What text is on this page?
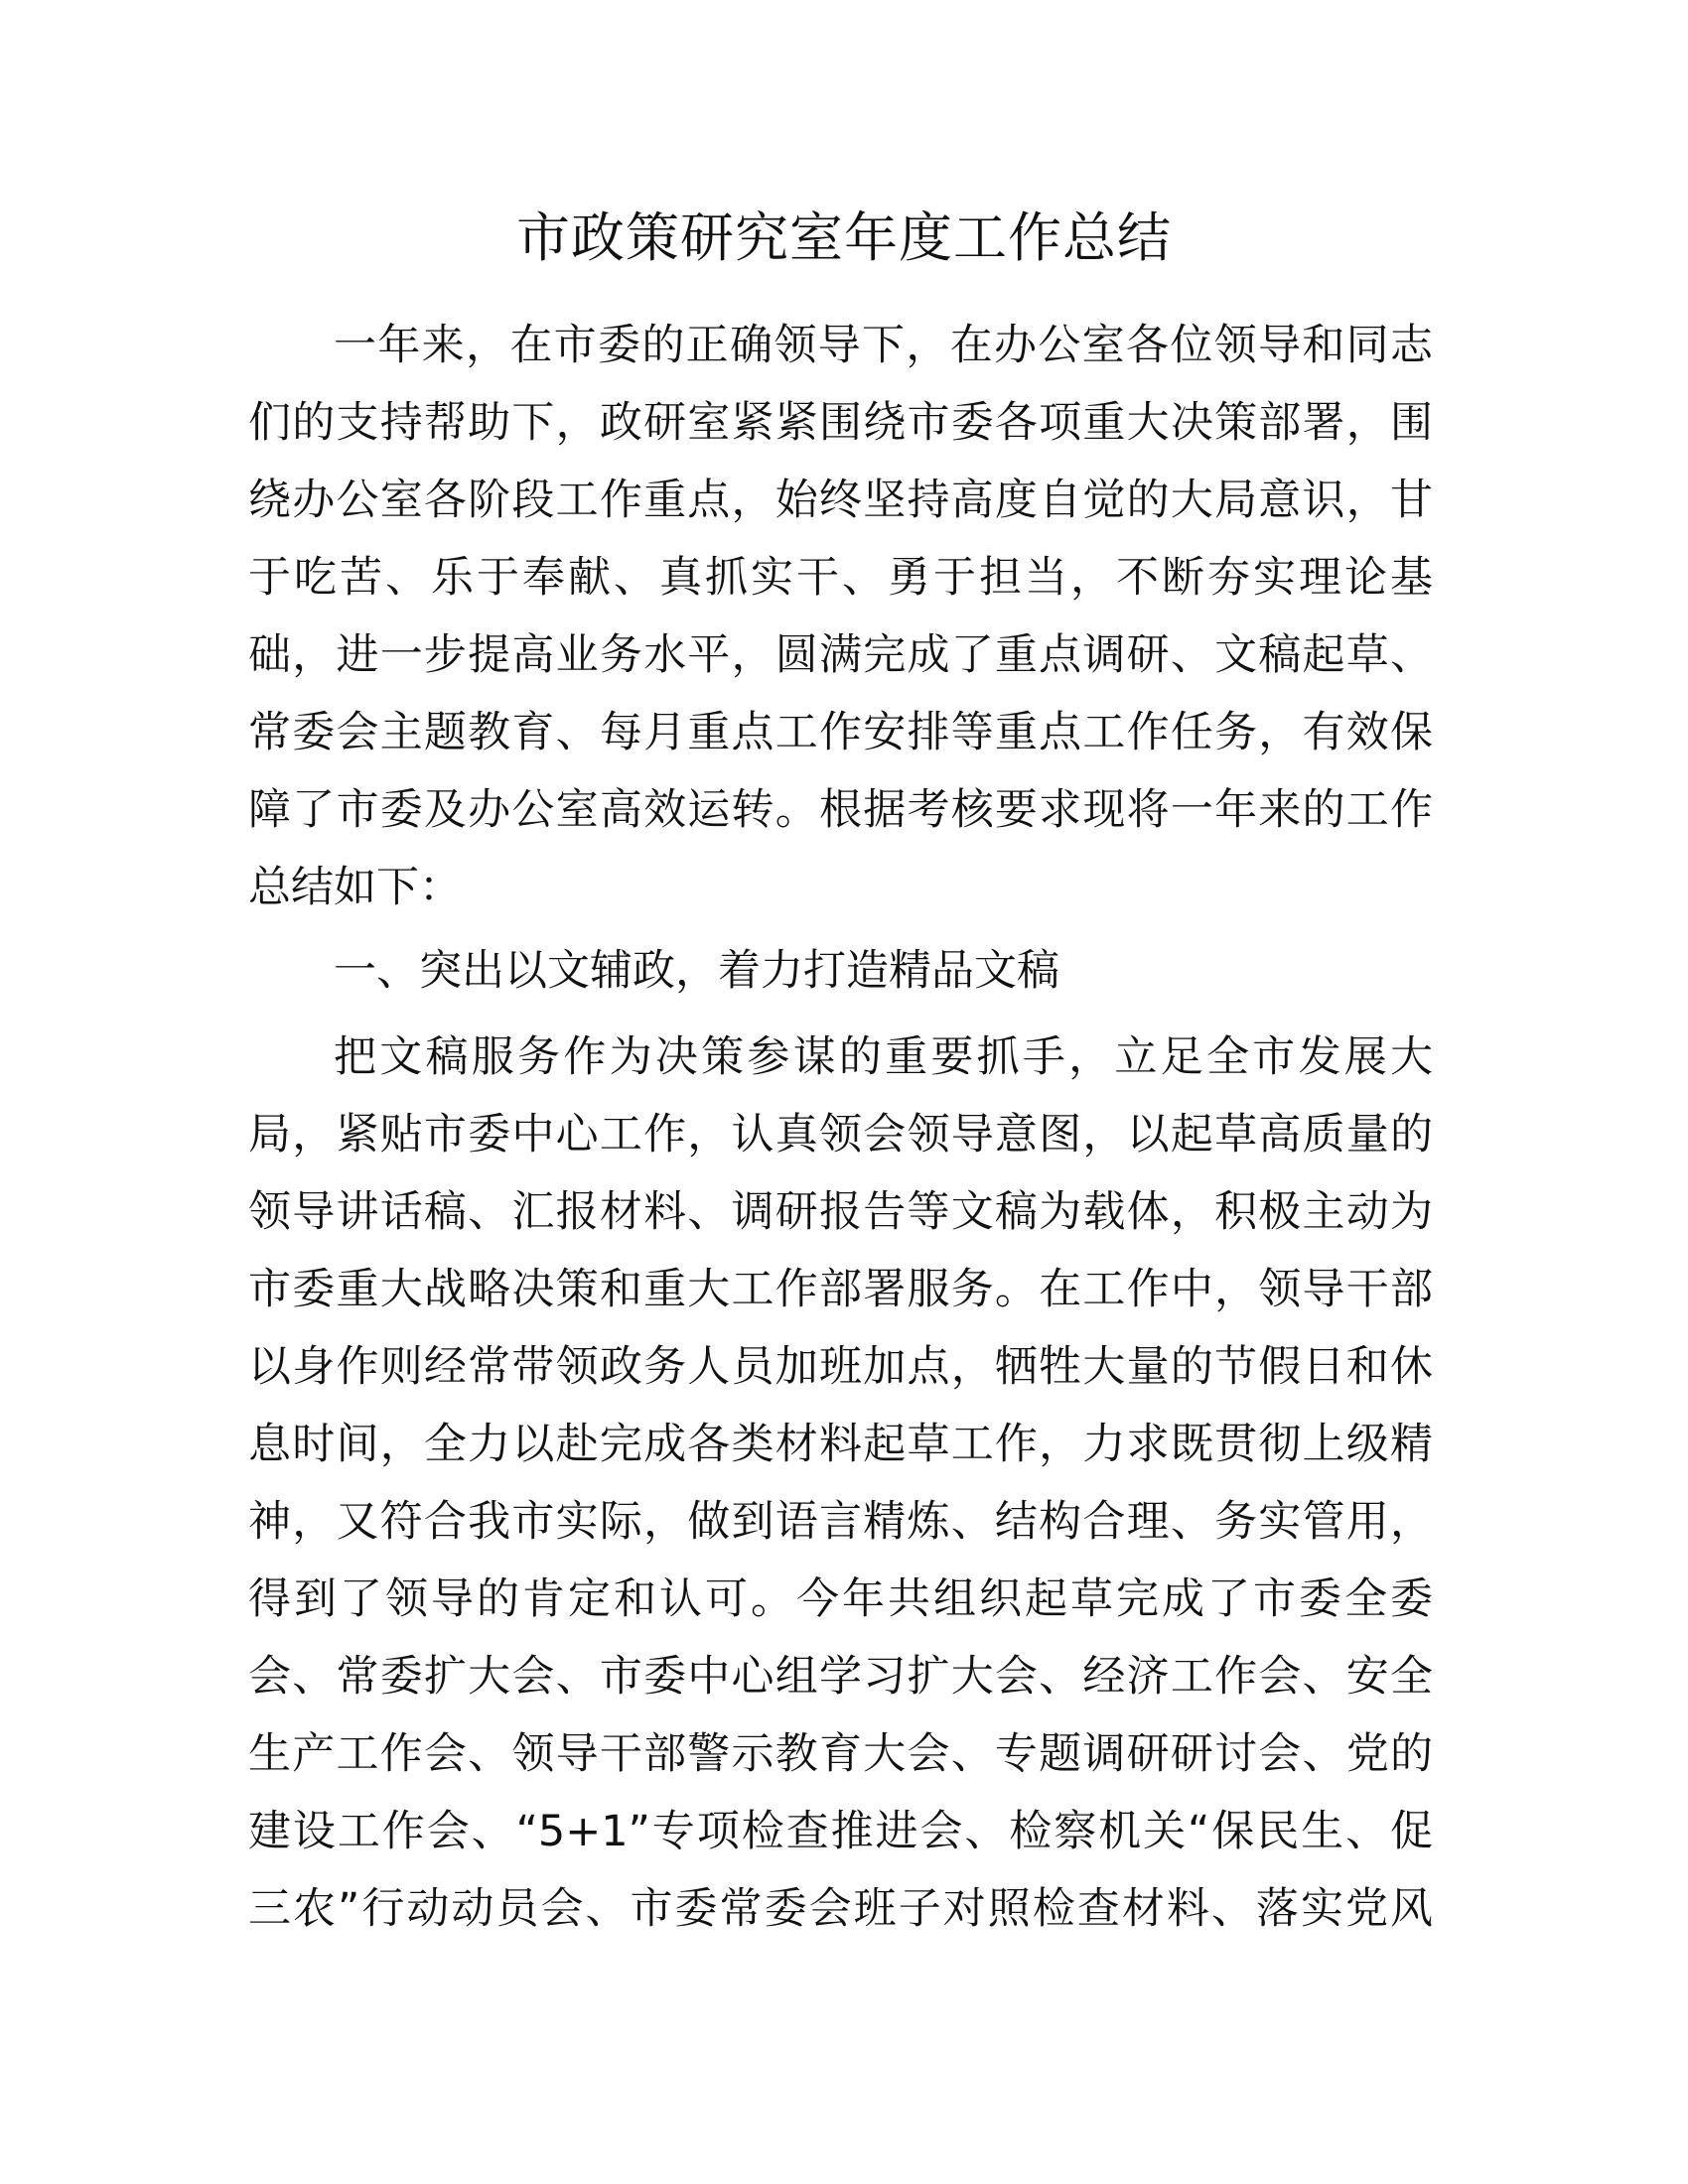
市政策研究室年度工作总结
一年来，在市委的正确领导下，在办公室各位领导和同志
们的支持帮助下，政研室紧紧围绕市委各项重大决策部署，围
绕办公室各阶段工作重点，始终坚持高度自觉的大局意识，甘
于吃苦、乐于奉献、真抓实干、勇于担当，不断夯实理论基
础，进一步提高业务水平，圆满完成了重点调研、文稿起草、
常委会主题教育、每月重点工作安排等重点工作任务，有效保
障了市委及办公室高效运转。根据考核要求现将一年来的工作
总结如下：
一、突出以文辅政，着力打造精品文稿
把文稿服务作为决策参谋的重要抓手，立足全市发展大
局，紧贴市委中心工作，认真领会领导意图，以起草高质量的
领导讲话稿、汇报材料、调研报告等文稿为载体，积极主动为
市委重大战略决策和重大工作部署服务。在工作中，领导干部
以身作则经常带领政务人员加班加点，牺牲大量的节假日和休
息时间，全力以赴完成各类材料起草工作，力求既贯彻上级精
神，又符合我市实际，做到语言精炼、结构合理、务实管用，
得到了领导的肯定和认可。今年共组织起草完成了市委全委
会、常委扩大会、市委中心组学习扩大会、经济工作会、安全
生产工作会、领导干部警示教育大会、专题调研研讨会、党的
建设工作会、“5+1”专项检查推进会、检察机关“保民生、促
三农”行动动员会、市委常委会班子对照检查材料、落实党风
